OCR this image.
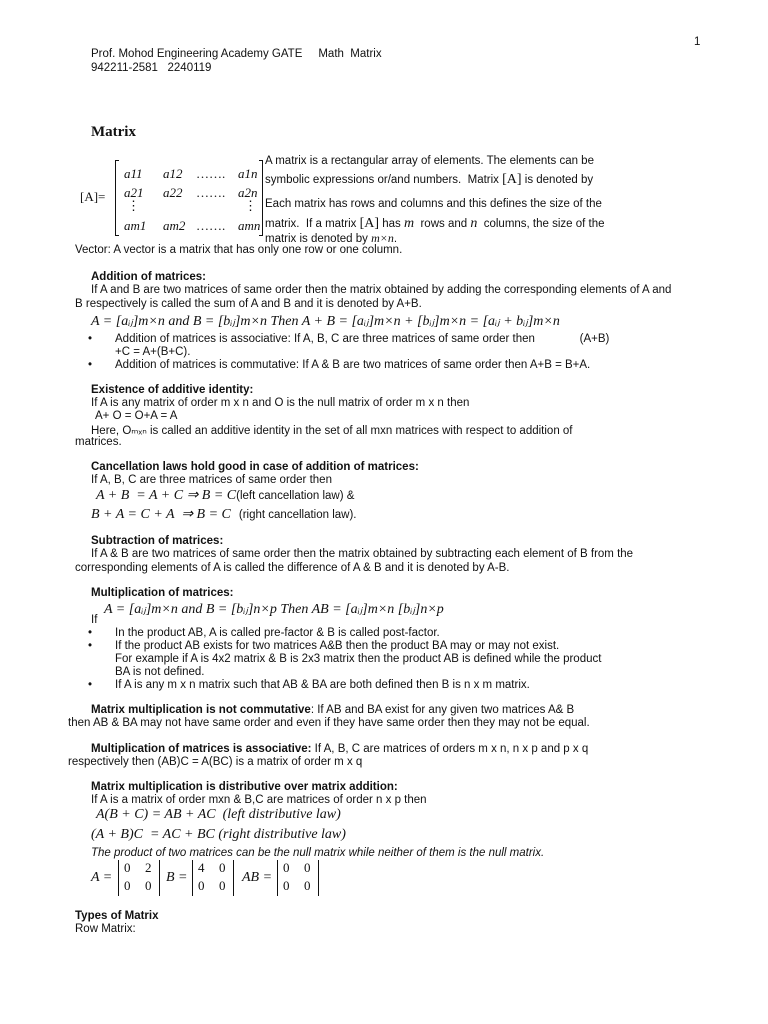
1
Prof. Mohod Engineering Academy GATE     Math  Matrix
942211-2581   2240119
Matrix
[A]=
a11 a12 ……. a1n
a21 a22 ……. a2n
⋮	⋮
am1 am2 ……. amn
A matrix is a rectangular array of elements. The elements can be
symbolic expressions or/and numbers.  Matrix [A] is denoted by
Each matrix has rows and columns and this defines the size of the
matrix.  If a matrix [A] has m  rows and n  columns, the size of the
matrix is denoted by m×n.
Vector: A vector is a matrix that has only one row or one column.
Addition of matrices:
If A and B are two matrices of same order then the matrix obtained by adding the corresponding elements of A and B respectively is called the sum of A and B and it is denoted by A+B.
A = [aᵢⱼ]m×n and B = [bᵢⱼ]m×n Then A + B = [aᵢⱼ]m×n + [bᵢⱼ]m×n = [aᵢⱼ + bᵢⱼ]m×n
• Addition of matrices is associative: If A, B, C are three matrices of same order then              (A+B)
+C = A+(B+C).
• Addition of matrices is commutative: If A & B are two matrices of same order then A+B = B+A.
Existence of additive identity:
If A is any matrix of order m x n and O is the null matrix of order m x n then
A+ O = O+A = A
Here, Oₘₓₙ is called an additive identity in the set of all mxn matrices with respect to addition of
matrices.
Cancellation laws hold good in case of addition of matrices:
If A, B, C are three matrices of same order then
A + B  = A + C ⇒ B = C(left cancellation law) &
B + A = C + A  ⇒ B = C (right cancellation law).
Subtraction of matrices:
If A & B are two matrices of same order then the matrix obtained by subtracting each element of B from the corresponding elements of A is called the difference of A & B and it is denoted by A-B.
Multiplication of matrices:
If
A = [aᵢⱼ]m×n and B = [bᵢⱼ]n×p Then AB = [aᵢⱼ]m×n [bᵢⱼ]n×p
• In the product AB, A is called pre-factor & B is called post-factor.
• If the product AB exists for two matrices A&B then the product BA may or may not exist.
For example if A is 4x2 matrix & B is 2x3 matrix then the product AB is defined while the product
BA is not defined.
• If A is any m x n matrix such that AB & BA are both defined then B is n x m matrix.
Matrix multiplication is not commutative: If AB and BA exist for any given two matrices A& B
then AB & BA may not have same order and even if they have same order then they may not be equal.
Multiplication of matrices is associative: If A, B, C are matrices of orders m x n, n x p and p x q
respectively then (AB)C = A(BC) is a matrix of order m x q
Matrix multiplication is distributive over matrix addition:
If A is a matrix of order mxn & B,C are matrices of order n x p then
A(B + C) = AB + AC  (left distributive law)
(A + B)C  = AC + BC (right distributive law)
The product of two matrices can be the null matrix while neither of them is the null matrix.
A =
0 2
0 0
B =
4 0
0 0
AB =
0 0
0 0
Types of Matrix
Row Matrix:
